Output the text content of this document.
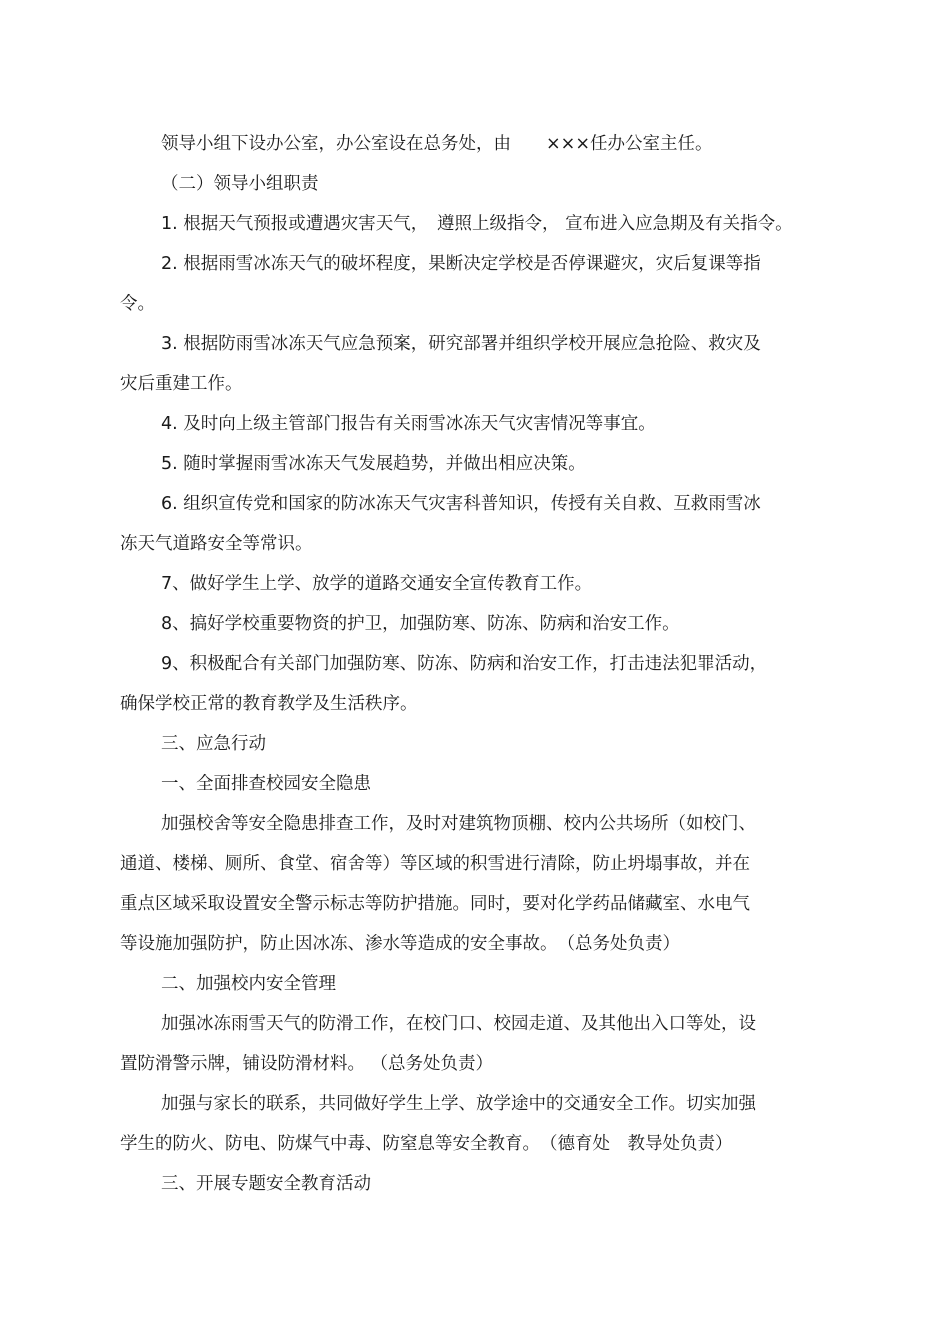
领导小组下设办公室，办公室设在总务处，由　　×××任办公室主任。
（二）领导小组职责
1. 根据天气预报或遭遇灾害天气，　遵照上级指令， 宣布进入应急期及有关指令。
2. 根据雨雪冰冻天气的破坏程度，果断决定学校是否停课避灾，灾后复课等指
令。
3. 根据防雨雪冰冻天气应急预案，研究部署并组织学校开展应急抢险、救灾及
灾后重建工作。
4. 及时向上级主管部门报告有关雨雪冰冻天气灾害情况等事宜。
5. 随时掌握雨雪冰冻天气发展趋势，并做出相应决策。
6. 组织宣传党和国家的防冰冻天气灾害科普知识，传授有关自救、互救雨雪冰
冻天气道路安全等常识。
7、做好学生上学、放学的道路交通安全宣传教育工作。
8、搞好学校重要物资的护卫，加强防寒、防冻、防病和治安工作。
9、积极配合有关部门加强防寒、防冻、防病和治安工作，打击违法犯罪活动，
确保学校正常的教育教学及生活秩序。
三、应急行动
一、全面排查校园安全隐患
加强校舍等安全隐患排查工作，及时对建筑物顶棚、校内公共场所（如校门、
通道、楼梯、厕所、食堂、宿舍等）等区域的积雪进行清除，防止坍塌事故，并在
重点区域采取设置安全警示标志等防护措施。同时，要对化学药品储藏室、水电气
等设施加强防护，防止因冰冻、渗水等造成的安全事故。　（总务处负责）
二、加强校内安全管理
加强冰冻雨雪天气的防滑工作，在校门口、校园走道、及其他出入口等处，设
置防滑警示牌，铺设防滑材料。 （总务处负责）
加强与家长的联系，共同做好学生上学、放学途中的交通安全工作。切实加强
学生的防火、防电、防煤气中毒、防窒息等安全教育。　（德育处　教导处负责）
三、开展专题安全教育活动
